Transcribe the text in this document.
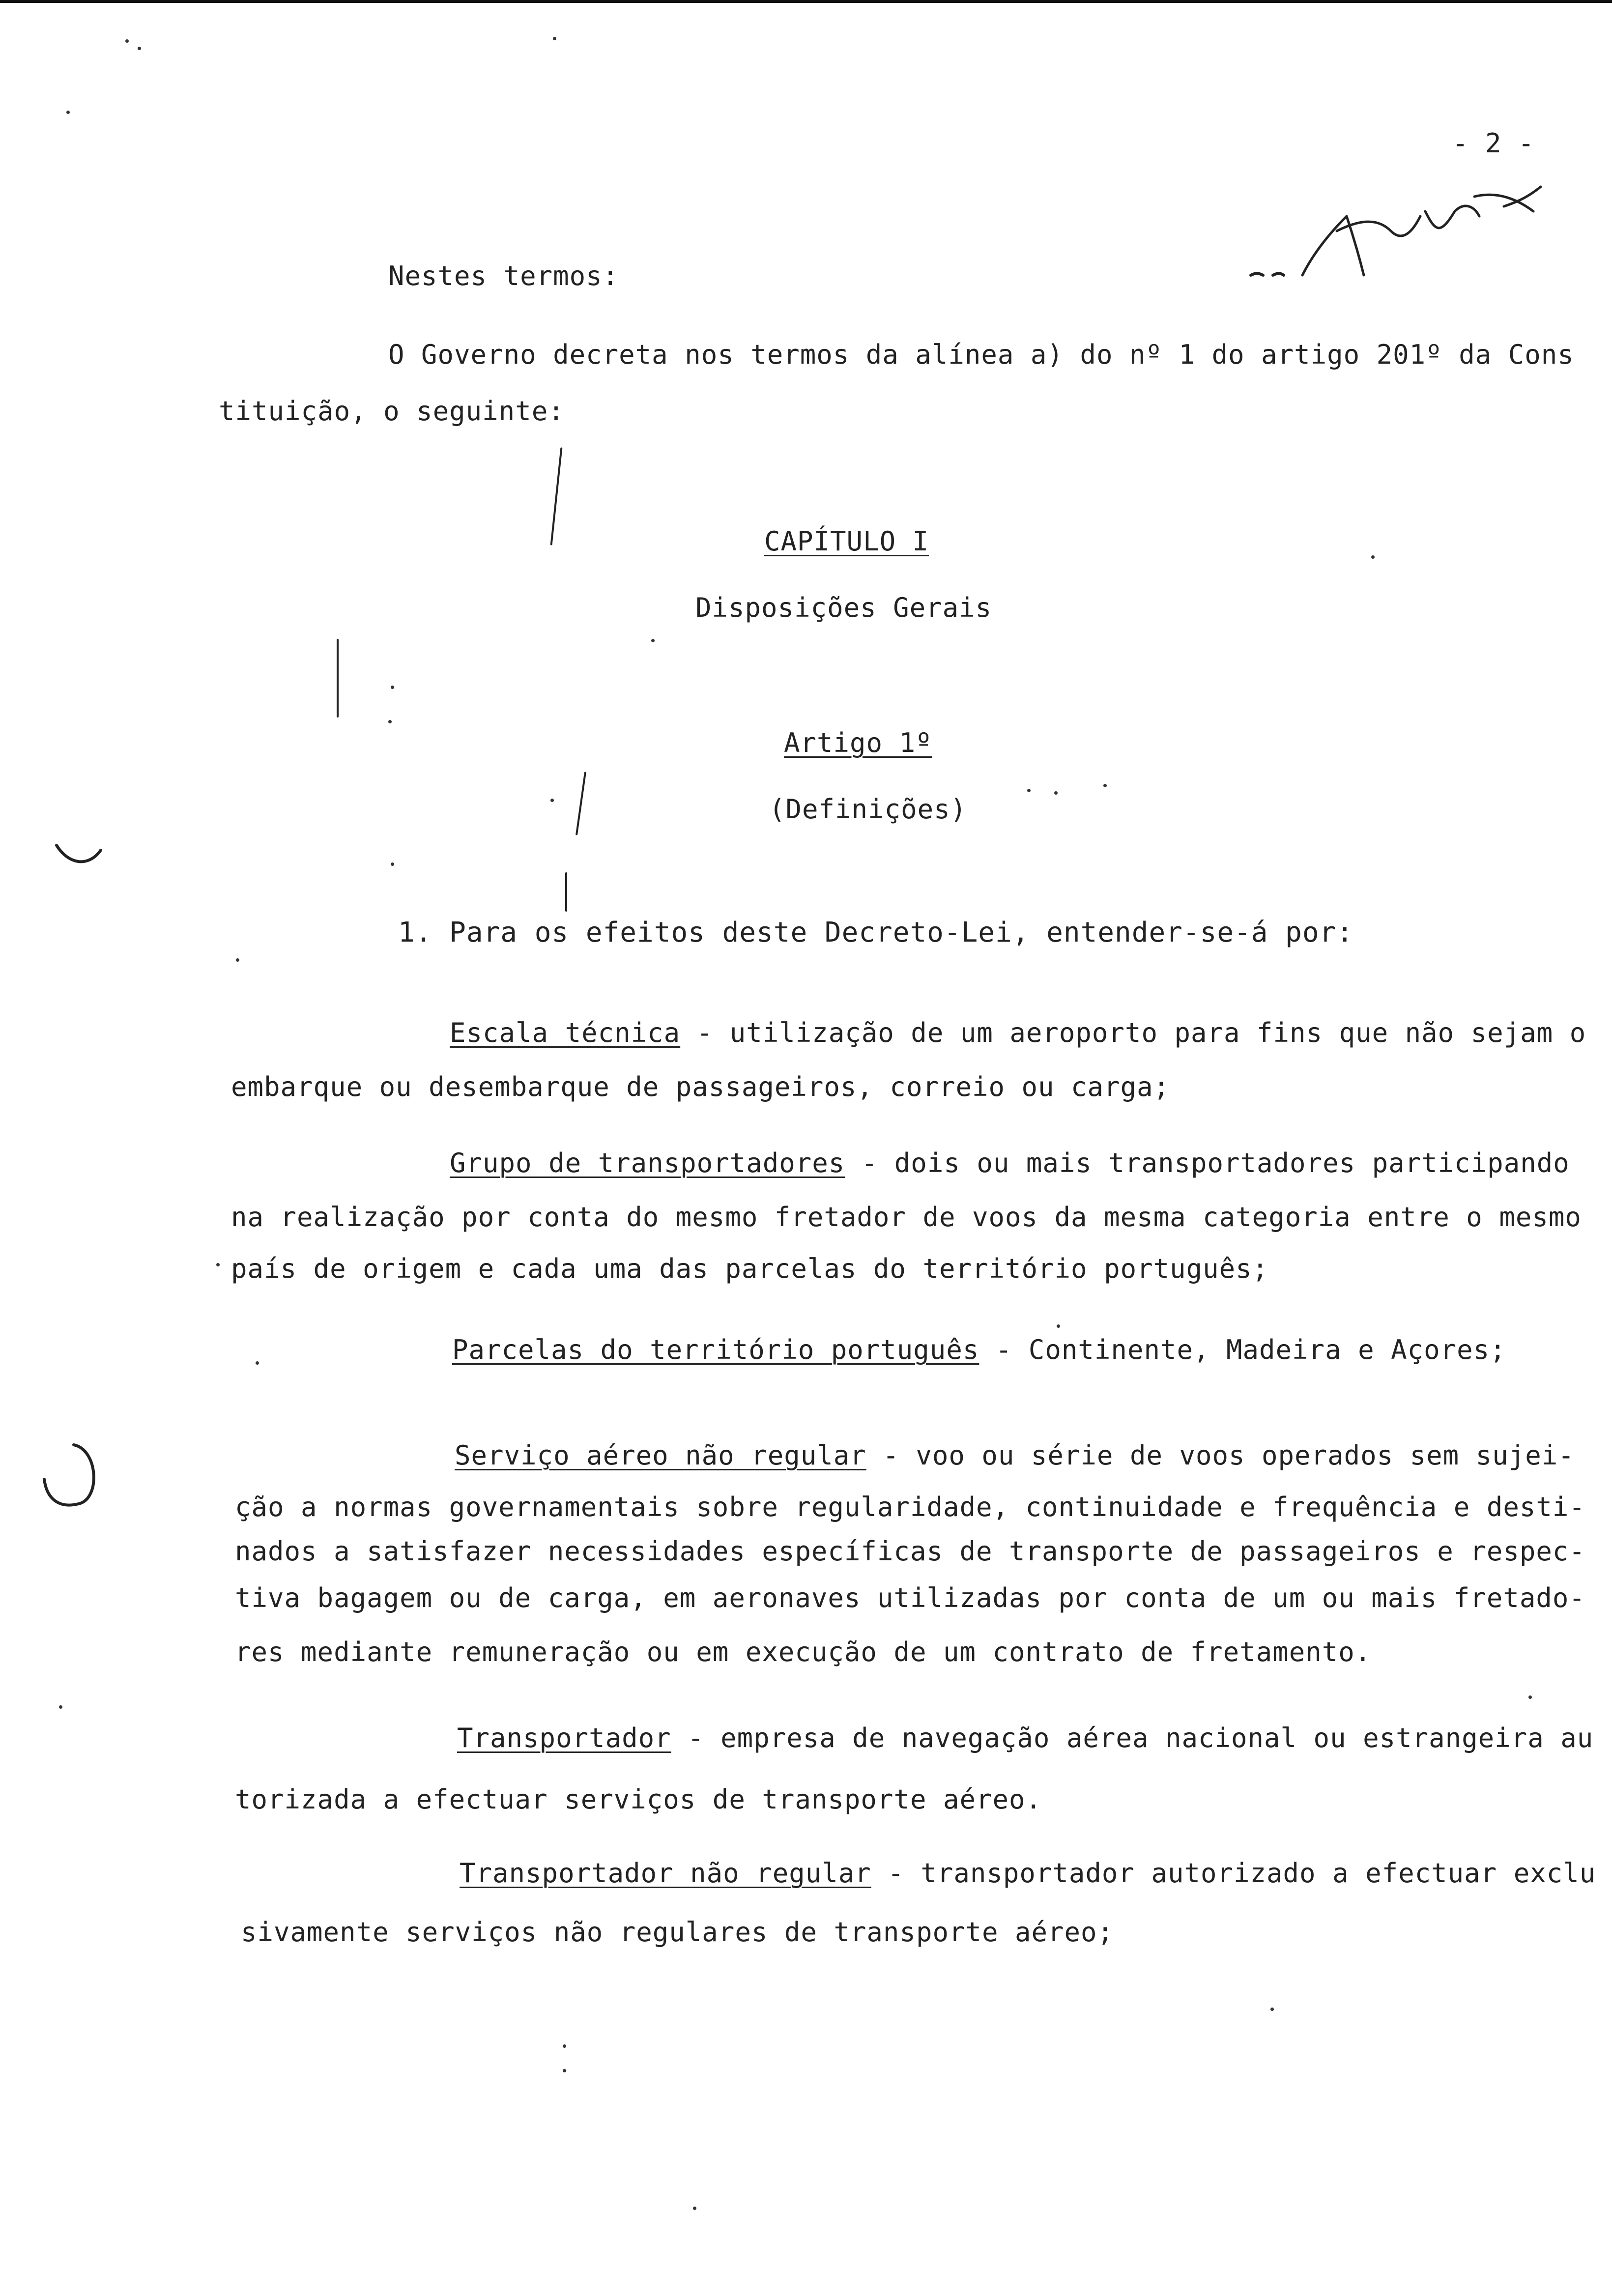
- 2 -
Nestes termos:
O Governo decreta nos termos da alínea a) do nº 1 do artigo 201º da Cons
tituição, o seguinte:
CAPÍTULO I
Disposições Gerais
Artigo 1º
(Definições)
1. Para os efeitos deste Decreto-Lei, entender-se-á por:
Escala técnica - utilização de um aeroporto para fins que não sejam o
embarque ou desembarque de passageiros, correio ou carga;
Grupo de transportadores - dois ou mais transportadores participando
na realização por conta do mesmo fretador de voos da mesma categoria entre o mesmo
país de origem e cada uma das parcelas do território português;
Parcelas do território português - Continente, Madeira e Açores;
Serviço aéreo não regular - voo ou série de voos operados sem sujei-
ção a normas governamentais sobre regularidade, continuidade e frequência e desti-
nados a satisfazer necessidades específicas de transporte de passageiros e respec-
tiva bagagem ou de carga, em aeronaves utilizadas por conta de um ou mais fretado-
res mediante remuneração ou em execução de um contrato de fretamento.
Transportador - empresa de navegação aérea nacional ou estrangeira au
torizada a efectuar serviços de transporte aéreo.
Transportador não regular - transportador autorizado a efectuar exclu
sivamente serviços não regulares de transporte aéreo;
